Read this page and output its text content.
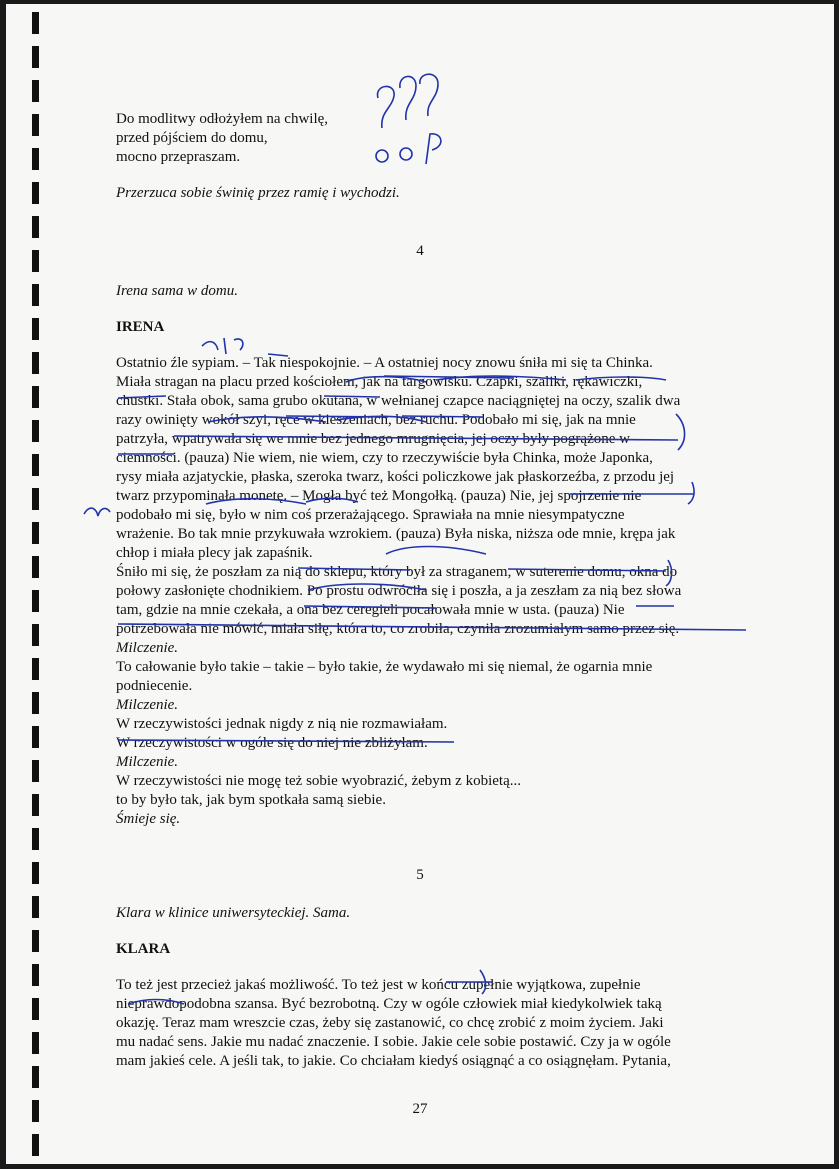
Do modlitwy odłożyłem na chwilę,
przed pójściem do domu,
mocno przepraszam.
Przerzuca sobie świnię przez ramię i wychodzi.
4
Irena sama w domu.
IRENA
Ostatnio źle sypiam. – Tak niespokojnie. – A ostatniej nocy znowu śniła mi się ta Chinka.
Miała stragan na placu przed kościołem, jak na targowisku. Czapki, szaliki, rękawiczki,
chustki. Stała obok, sama grubo okutana, w wełnianej czapce naciągniętej na oczy, szalik dwa
razy owinięty wokół szyi, ręce w kieszeniach, bez ruchu. Podobało mi się, jak na mnie
patrzyła, wpatrywała się we mnie bez jednego mrugnięcia, jej oczy były pogrążone w
ciemności. (pauza) Nie wiem, nie wiem, czy to rzeczywiście była Chinka, może Japonka,
rysy miała azjatyckie, płaska, szeroka twarz, kości policzkowe jak płaskorzeźba, z przodu jej
twarz przypominała monetę. – Mogła być też Mongołką. (pauza) Nie, jej spojrzenie nie
podobało mi się, było w nim coś przerażającego. Sprawiała na mnie niesympatyczne
wrażenie. Bo tak mnie przykuwała wzrokiem. (pauza) Była niska, niższa ode mnie, krępa jak
chłop i miała plecy jak zapaśnik.
Śniło mi się, że poszłam za nią do sklepu, który był za straganem, w suterenie domu, okna do
połowy zasłonięte chodnikiem. Po prostu odwróciła się i poszła, a ja zeszłam za nią bez słowa
tam, gdzie na mnie czekała, a ona bez ceregieli pocałowała mnie w usta. (pauza) Nie
potrzebowała nie mówić, miała siłę, która to, co zrobiła, czyniła zrozumiałym samo przez się.
Milczenie.
To całowanie było takie – takie – było takie, że wydawało mi się niemal, że ogarnia mnie
podniecenie.
Milczenie.
W rzeczywistości jednak nigdy z nią nie rozmawiałam.
W rzeczywistości w ogóle się do niej nie zbliżyłam.
Milczenie.
W rzeczywistości nie mogę też sobie wyobrazić, żebym z kobietą...
to by było tak, jak bym spotkała samą siebie.
Śmieje się.
5
Klara w klinice uniwersyteckiej. Sama.
KLARA
To też jest przecież jakaś możliwość. To też jest w końcu zupełnie wyjątkowa, zupełnie
nieprawdopodobna szansa. Być bezrobotną. Czy w ogóle człowiek miał kiedykolwiek taką
okazję. Teraz mam wreszcie czas, żeby się zastanowić, co chcę zrobić z moim życiem. Jaki
mu nadać sens. Jakie mu nadać znaczenie. I sobie. Jakie cele sobie postawić. Czy ja w ogóle
mam jakieś cele. A jeśli tak, to jakie. Co chciałam kiedyś osiągnąć a co osiągnęłam. Pytania,
27
